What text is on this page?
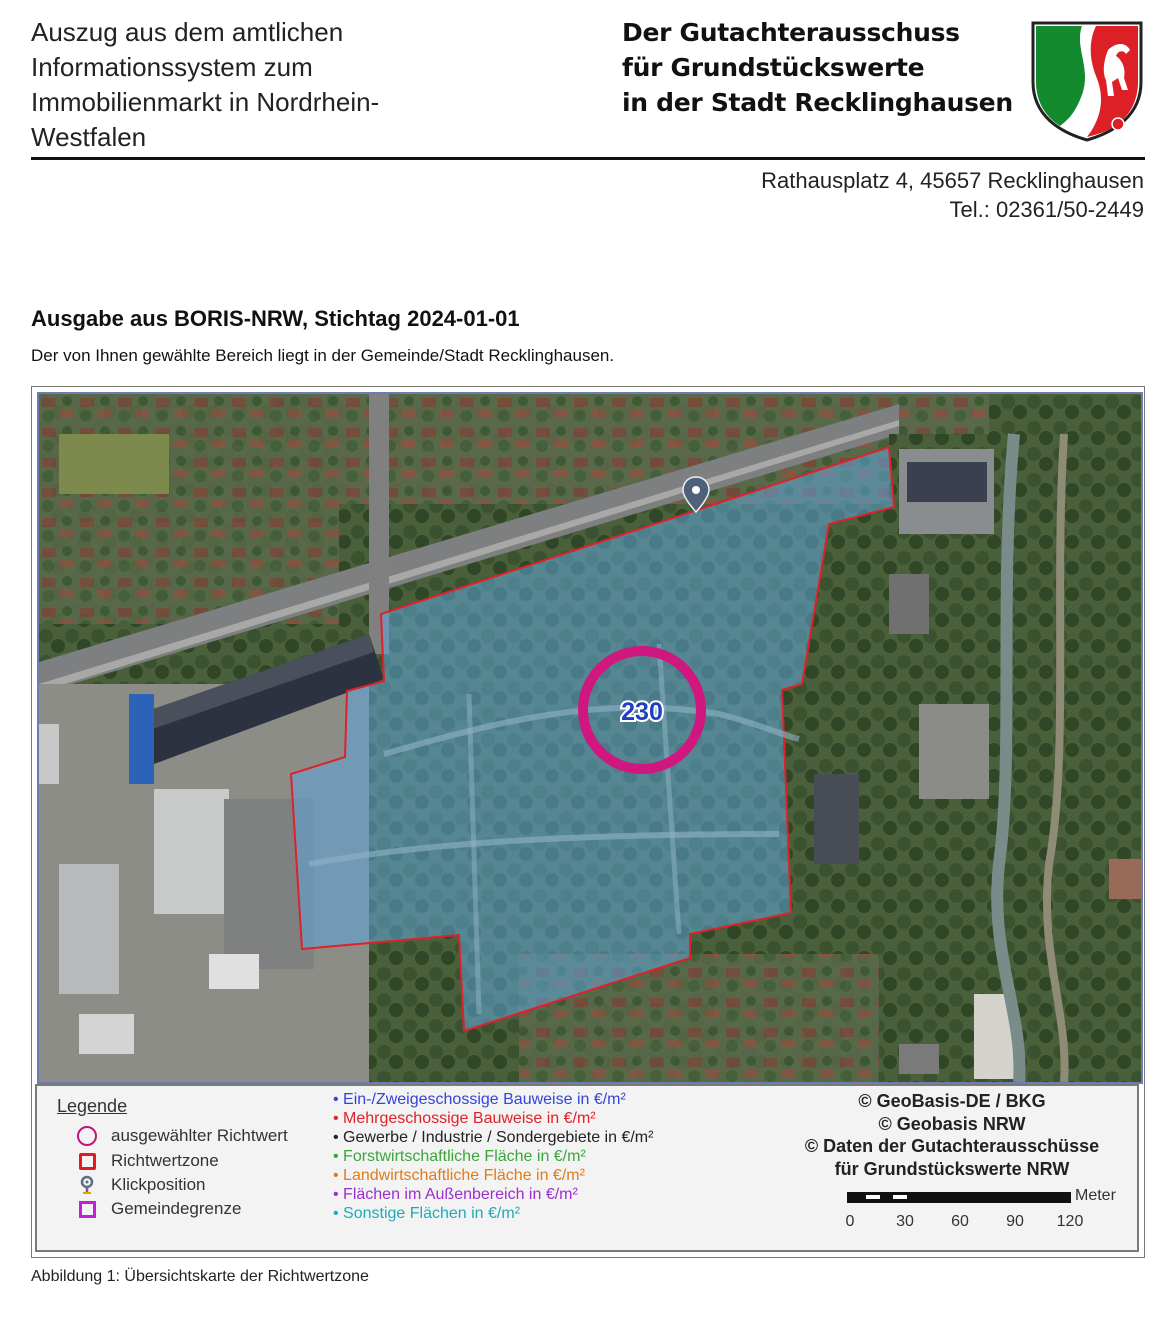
Auszug aus dem amtlichen
Informationssystem zum
Immobilienmarkt in Nordrhein-
Westfalen
Der Gutachterausschuss
für Grundstückswerte
in der Stadt Recklinghausen
Rathausplatz 4, 45657 Recklinghausen
Tel.: 02361/50-2449
Ausgabe aus BORIS-NRW, Stichtag 2024-01-01
Der von Ihnen gewählte Bereich liegt in der Gemeinde/Stadt Recklinghausen.
230
Legende
ausgewählter Richtwert
Richtwertzone
Klickposition
Gemeindegrenze
• Ein-/Zweigeschossige Bauweise in €/m²
• Mehrgeschossige Bauweise in €/m²
• Gewerbe / Industrie / Sondergebiete in €/m²
• Forstwirtschaftliche Fläche in €/m²
• Landwirtschaftliche Fläche in €/m²
• Flächen im Außenbereich in €/m²
• Sonstige Flächen in €/m²
© GeoBasis-DE / BKG
© Geobasis NRW
© Daten der Gutachterausschüsse
für Grundstückswerte NRW
Meter
0	30 60 90 120
Abbildung 1: Übersichtskarte der Richtwertzone
